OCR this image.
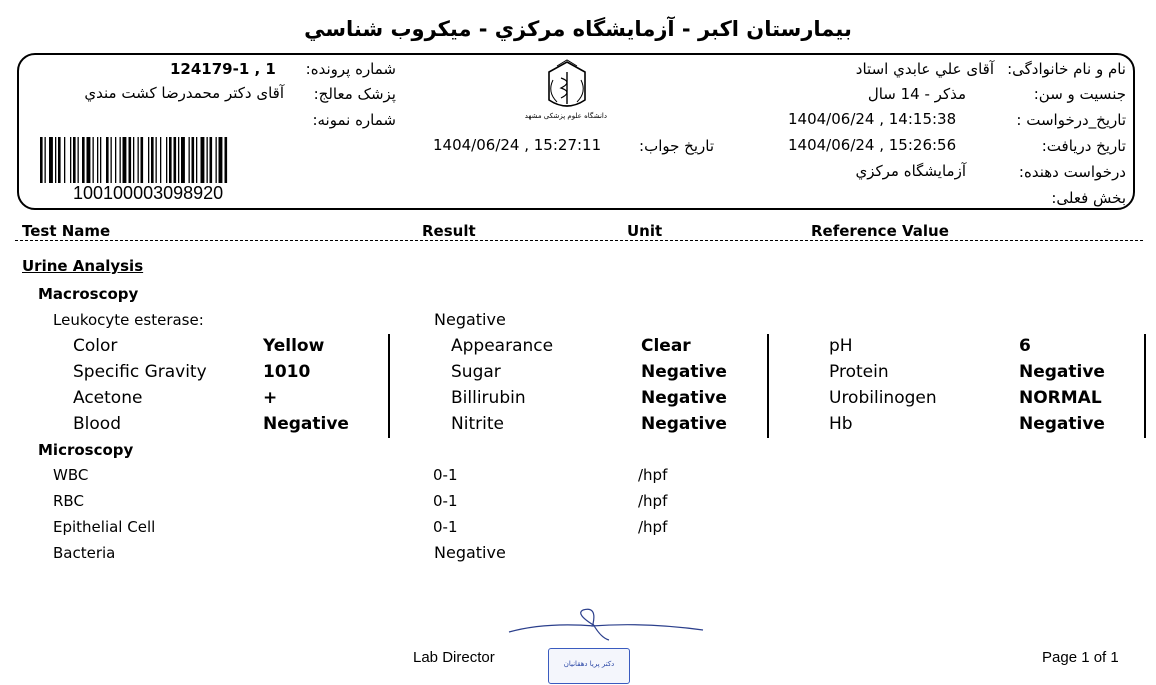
بیمارستان اکبر - آزمایشگاه مرکزي - میکروب شناسي
نام و نام خانوادگی:
آقای علي عابدي استاد
جنسیت و سن:
مذکر - 14 سال
تاریخ_درخواست :
1404/06/24 , 14:15:38
تاریخ دریافت:
1404/06/24 , 15:26:56
درخواست دهنده:
آزمایشگاه مرکزي
بخش فعلی:
دانشگاه علوم پزشکی مشهد
تاریخ جواب:
1404/06/24 , 15:27:11
شماره پرونده:
124179-1 , 1
پزشک معالج:
آقای دکتر محمدرضا کشت مندي
شماره نمونه:
100100003098920
Test Name	Result	Unit	Reference Value
Urine Analysis
Macroscopy
Leukocyte esterase:	Negative
Color	Yellow	Appearance	Clear	pH	6
Specific Gravity	1010	Sugar	Negative	Protein	Negative
Acetone	+	Billirubin	Negative	Urobilinogen	NORMAL
Blood	Negative	Nitrite	Negative	Hb	Negative
Microscopy
WBC	0-1	/hpf
RBC	0-1	/hpf
Epithelial Cell	0-1	/hpf
Bacteria	Negative
Lab Director	دکتر پریا دهقانیان	Page 1 of 1
